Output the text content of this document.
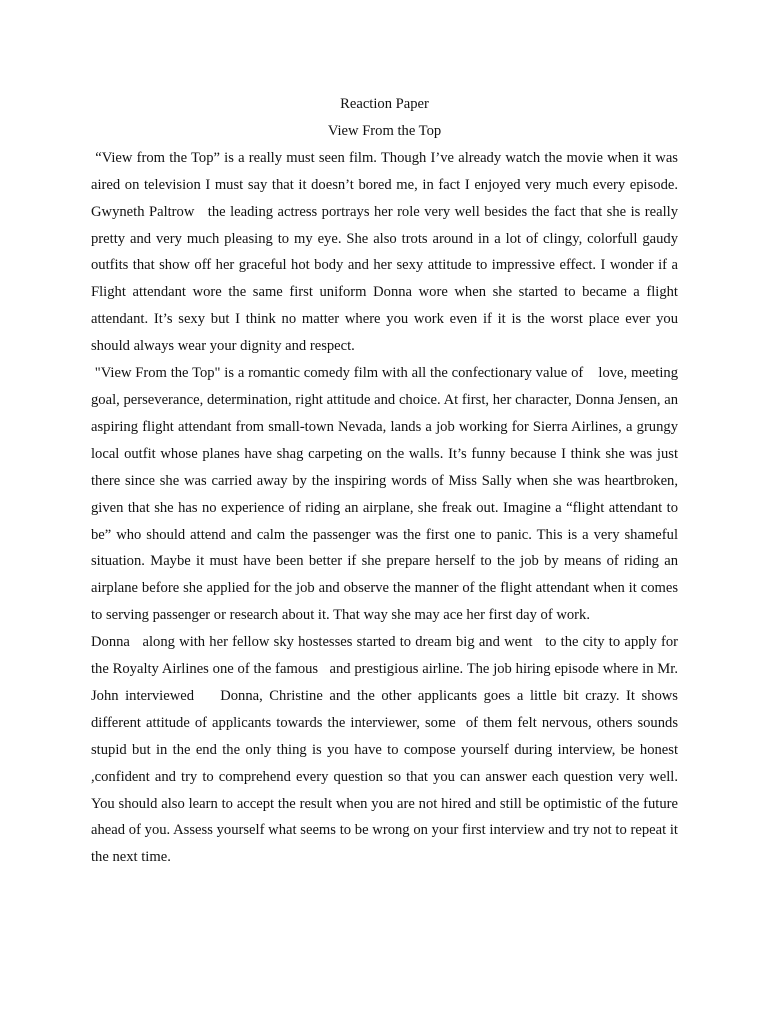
Reaction Paper

View From the Top

“View from the Top” is a really must seen film. Though I’ve already watch the movie when it was aired on television I must say that it doesn’t bored me, in fact I enjoyed very much every episode.  Gwyneth Paltrow   the leading actress portrays her role very well besides the fact that she is really pretty and very much pleasing to my eye. She also trots around in a lot of clingy, colorfull gaudy outfits that show off her graceful hot body and her sexy attitude to impressive effect. I wonder if a Flight attendant wore the same first uniform Donna wore when she started to became a flight attendant. It’s sexy but I think no matter where you work even if it is the worst place ever you should always wear your dignity and respect.

"View From the Top" is a romantic comedy film with all the confectionary value of    love, meeting goal, perseverance, determination, right attitude and choice. At first, her character, Donna Jensen, an aspiring flight attendant from small-town Nevada, lands a job working for Sierra Airlines, a grungy local outfit whose planes have shag carpeting on the walls. It’s funny because I think she was just there since she was carried away by the inspiring words of Miss Sally when she was heartbroken, given that she has no experience of riding an airplane, she freak out. Imagine a “flight attendant to be” who should attend and calm the passenger was the first one to panic. This is a very shameful situation. Maybe it must have been better if she prepare herself to the job by means of riding an airplane before she applied for the job and observe the manner of the flight attendant when it comes to serving passenger or research about it. That way she may ace her first day of work.

Donna   along with her fellow sky hostesses started to dream big and went   to the city to apply for the Royalty Airlines one of the famous   and prestigious airline. The job hiring episode where in Mr. John interviewed    Donna, Christine and the other applicants goes a little bit crazy. It shows different attitude of applicants towards the interviewer, some  of them felt nervous, others sounds stupid but in the end the only thing is you have to compose yourself during interview, be honest ,confident and try to comprehend every question so that you can answer each question very well. You should also learn to accept the result when you are not hired and still be optimistic of the future ahead of you. Assess yourself what seems to be wrong on your first interview and try not to repeat it the next time.
